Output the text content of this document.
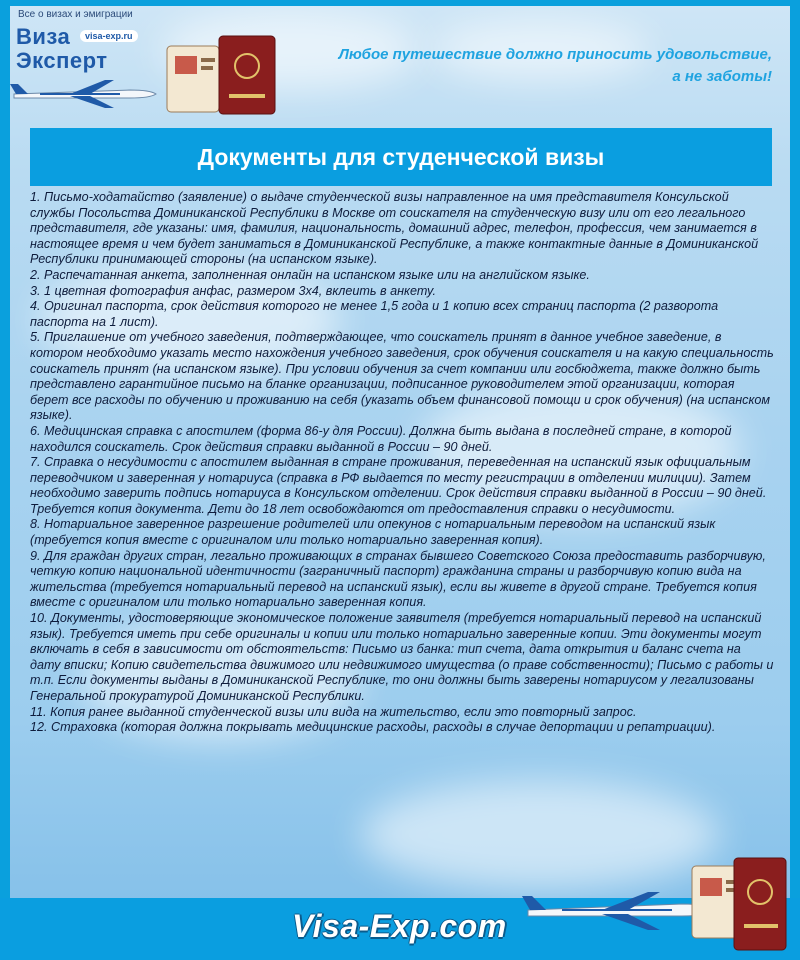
Все о визах и эмиграции
Виза
Эксперт
visa-exp.ru
Любое путешествие должно приносить удовольствие,
а не заботы!
Документы для студенческой визы

1. Письмо-ходатайство (заявление) о выдаче студенческой визы направленное на имя представителя Консульской службы Посольства Доминиканской Республики в Москве от соискателя на студенческую визу или от его легального представителя, где указаны: имя, фамилия, национальность, домашний адрес, телефон, профессия, чем занимается в настоящее время и чем будет заниматься в Доминиканской Республике, а также контактные данные в Доминиканской Республики принимающей стороны (на испанском языке).

2. Распечатанная анкета, заполненная онлайн на испанском языке или на английском языке.

3. 1 цветная фотография анфас, размером 3х4, вклеить в анкету.

4. Оригинал паспорта, срок действия которого не менее 1,5 года и 1 копию всех страниц паспорта (2 разворота паспорта на 1 лист).

5. Приглашение от учебного заведения, подтверждающее, что соискатель принят в данное учебное заведение, в котором необходимо указать место нахождения учебного заведения, срок обучения соискателя и на какую специальность соискатель принят (на испанском языке). При условии обучения за счет компании или госбюджета, также должно быть представлено гарантийное письмо на бланке организации, подписанное руководителем этой организации, которая берет все расходы по обучению и проживанию на себя (указать объем финансовой помощи и срок обучения) (на испанском языке).

6. Медицинская справка с апостилем (форма 86-у для России). Должна быть выдана в последней стране, в которой находился соискатель. Срок действия справки выданной в России – 90 дней.

7. Справка о несудимости с апостилем выданная в стране проживания, переведенная на испанский язык официальным переводчиком и заверенная у нотариуса (справка в РФ выдается по месту регистрации в отделении милиции). Затем необходимо заверить подпись нотариуса в Консульском отделении. Срок действия справки выданной в России – 90 дней. Требуется копия документа. Дети до 18 лет освобождаются от предоставления справки о несудимости.

8. Нотариальное заверенное разрешение родителей или опекунов с нотариальным переводом на испанский язык (требуется копия вместе с оригиналом или только нотариально заверенная копия).

9. Для граждан других стран, легально проживающих в странах бывшего Советского Союза предоставить разборчивую, четкую копию национальной идентичности (заграничный паспорт) гражданина страны и разборчивую копию вида на жительства (требуется нотариальный перевод на испанский язык), если вы живете в другой стране. Требуется копия вместе с оригиналом или только нотариально заверенная копия.

10. Документы, удостоверяющие экономическое положение заявителя (требуется нотариальный перевод на испанский язык). Требуется иметь при себе оригиналы и копии или только нотариально заверенные копии. Эти документы могут включать в себя в зависимости от обстоятельств: Письмо из банка: тип счета, дата открытия и баланс счета на дату вписки; Копию свидетельства движимого или недвижимого имущества (о праве собственности); Письмо с работы и т.п. Если документы выданы в Доминиканской Республике, то они должны быть заверены нотариусом у легализованы Генеральной прокуратурой Доминиканской Республики.

11. Копия ранее выданной студенческой визы или вида на жительство, если это повторный запрос.

12. Страховка (которая должна покрывать медицинские расходы, расходы в случае депортации и репатриации).

Visa-Exp.com
